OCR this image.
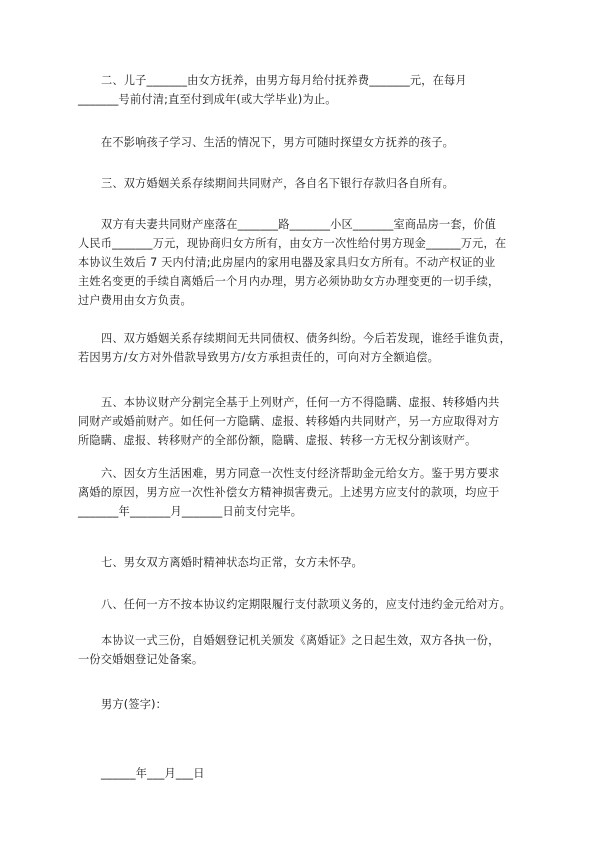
二、儿子_______由女方抚养，由男方每月给付抚养费_______元，在每月
_______号前付清;直至付到成年(或大学毕业)为止。

在不影响孩子学习、生活的情况下，男方可随时探望女方抚养的孩子。

三、双方婚姻关系存续期间共同财产，各自名下银行存款归各自所有。

双方有夫妻共同财产座落在_______路_______小区_______室商品房一套，价值
人民币_______万元，现协商归女方所有，由女方一次性给付男方现金______万元，在
本协议生效后 7 天内付清;此房屋内的家用电器及家具归女方所有。不动产权证的业
主姓名变更的手续自离婚后一个月内办理，男方必须协助女方办理变更的一切手续，
过户费用由女方负责。

四、双方婚姻关系存续期间无共同债权、债务纠纷。今后若发现，谁经手谁负责，
若因男方/女方对外借款导致男方/女方承担责任的，可向对方全额追偿。

五、本协议财产分割完全基于上列财产，任何一方不得隐瞒、虚报、转移婚内共
同财产或婚前财产。如任何一方隐瞒、虚报、转移婚内共同财产，另一方应取得对方
所隐瞒、虚报、转移财产的全部份额，隐瞒、虚报、转移一方无权分割该财产。

六、因女方生活困难，男方同意一次性支付经济帮助金元给女方。鉴于男方要求
离婚的原因，男方应一次性补偿女方精神损害费元。上述男方应支付的款项，均应于
_______年_______月_______日前支付完毕。

七、男女双方离婚时精神状态均正常，女方未怀孕。

八、任何一方不按本协议约定期限履行支付款项义务的，应支付违约金元给对方。

本协议一式三份，自婚姻登记机关颁发《离婚证》之日起生效，双方各执一份，
一份交婚姻登记处备案。

男方(签字)：

______年___月___日
